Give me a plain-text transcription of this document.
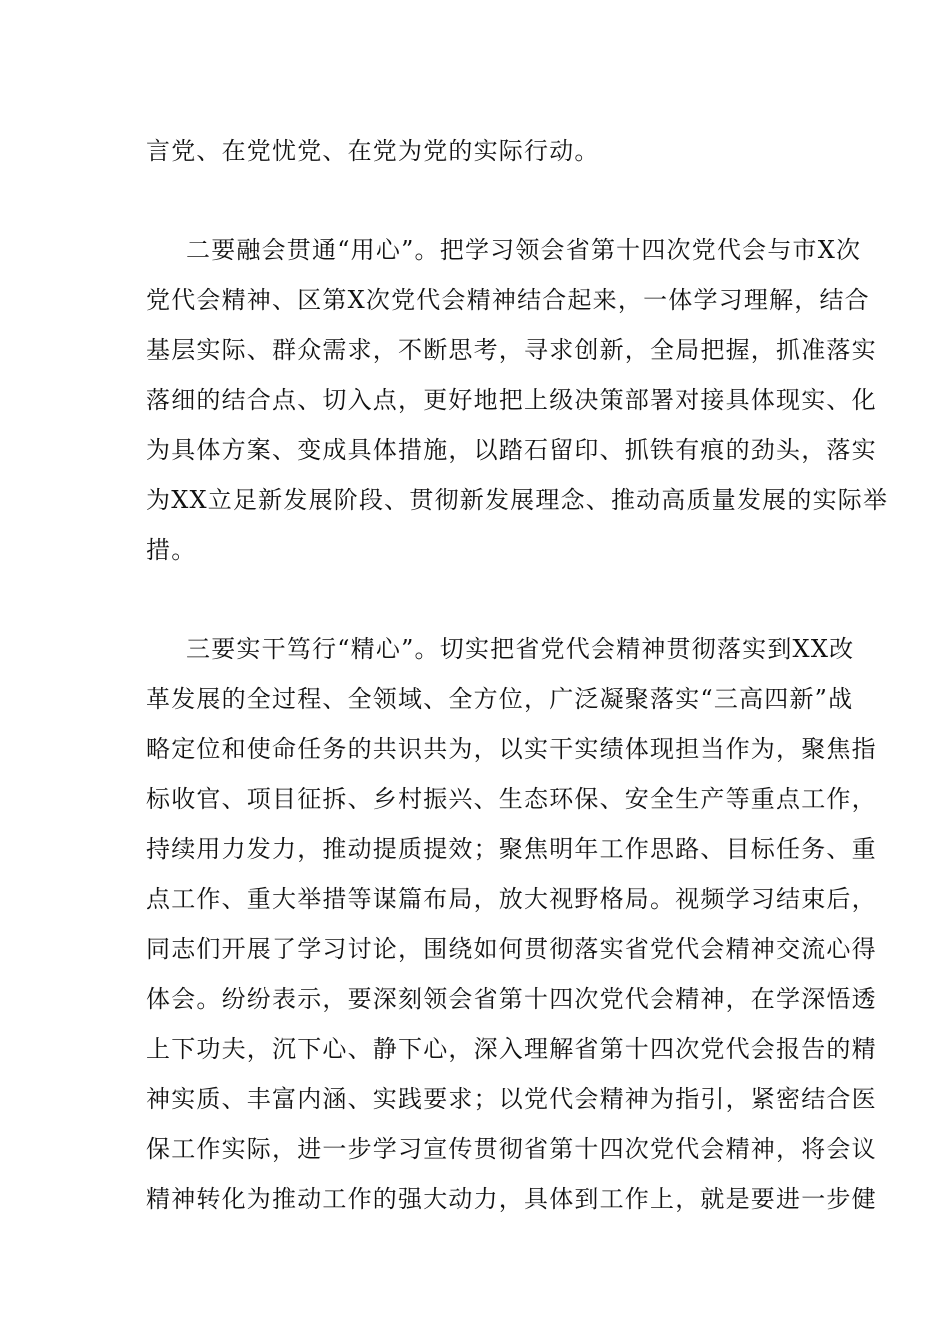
言党、在党忧党、在党为党的实际行动。
二要融会贯通“用心”。把学习领会省第十四次党代会与市X次
党代会精神、区第X次党代会精神结合起来，一体学习理解，结合
基层实际、群众需求，不断思考，寻求创新，全局把握，抓准落实
落细的结合点、切入点，更好地把上级决策部署对接具体现实、化
为具体方案、变成具体措施，以踏石留印、抓铁有痕的劲头，落实
为XX立足新发展阶段、贯彻新发展理念、推动高质量发展的实际举
措。
三要实干笃行“精心”。切实把省党代会精神贯彻落实到XX改
革发展的全过程、全领域、全方位，广泛凝聚落实“三高四新”战
略定位和使命任务的共识共为，以实干实绩体现担当作为，聚焦指
标收官、项目征拆、乡村振兴、生态环保、安全生产等重点工作，
持续用力发力，推动提质提效；聚焦明年工作思路、目标任务、重
点工作、重大举措等谋篇布局，放大视野格局。视频学习结束后，
同志们开展了学习讨论，围绕如何贯彻落实省党代会精神交流心得
体会。纷纷表示，要深刻领会省第十四次党代会精神，在学深悟透
上下功夫，沉下心、静下心，深入理解省第十四次党代会报告的精
神实质、丰富内涵、实践要求；以党代会精神为指引，紧密结合医
保工作实际，进一步学习宣传贯彻省第十四次党代会精神，将会议
精神转化为推动工作的强大动力，具体到工作上，就是要进一步健
